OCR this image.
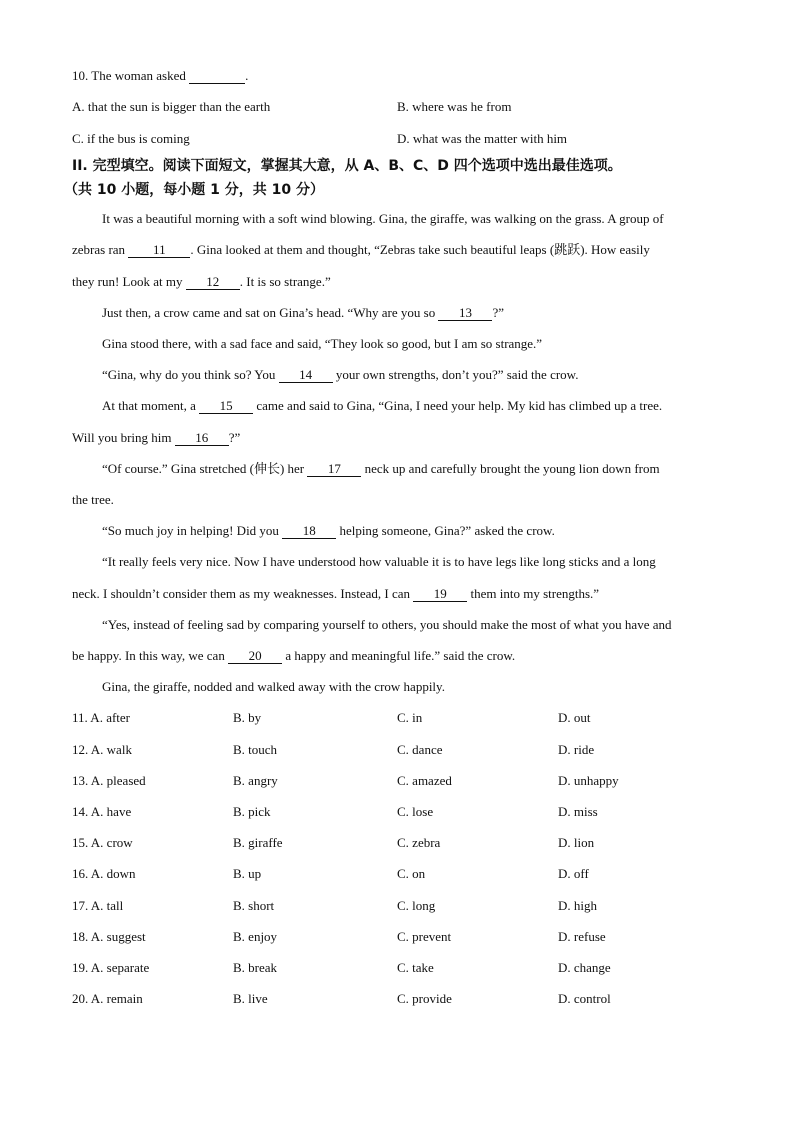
10. The woman asked	.
A. that the sun is bigger than the earth	B. where was he from
C. if the bus is coming	D. what was the matter with him
II. 完型填空。阅读下面短文，掌握其大意，从 A、B、C、D 四个选项中选出最佳选项。
（共 10 小题，每小题 1 分，共 10 分）
It was a beautiful morning with a soft wind blowing. Gina, the giraffe, was walking on the grass. A group of
zebras ran 11 . Gina looked at them and thought, “Zebras take such beautiful leaps (跳跃). How easily
they run! Look at my 12 . It is so strange.”
Just then, a crow came and sat on Gina’s head. “Why are you so 13 ?”
Gina stood there, with a sad face and said, “They look so good, but I am so strange.”
“Gina, why do you think so? You 14 your own strengths, don’t you?” said the crow.
At that moment, a 15 came and said to Gina, “Gina, I need your help. My kid has climbed up a tree.
Will you bring him 16 ?”
“Of course.” Gina stretched (伸长) her 17 neck up and carefully brought the young lion down from
the tree.
“So much joy in helping! Did you 18 helping someone, Gina?” asked the crow.
“It really feels very nice. Now I have understood how valuable it is to have legs like long sticks and a long
neck. I shouldn’t consider them as my weaknesses. Instead, I can 19 them into my strengths.”
“Yes, instead of feeling sad by comparing yourself to others, you should make the most of what you have and
be happy. In this way, we can 20 a happy and meaningful life.” said the crow.
Gina, the giraffe, nodded and walked away with the crow happily.
11. A. after	B. by	C. in	D. out
12. A. walk	B. touch	C. dance	D. ride
13. A. pleased	B. angry	C. amazed	D. unhappy
14. A. have	B. pick	C. lose	D. miss
15. A. crow	B. giraffe	C. zebra	D. lion
16. A. down	B. up	C. on	D. off
17. A. tall	B. short	C. long	D. high
18. A. suggest	B. enjoy	C. prevent	D. refuse
19. A. separate	B. break	C. take	D. change
20. A. remain	B. live	C. provide	D. control
